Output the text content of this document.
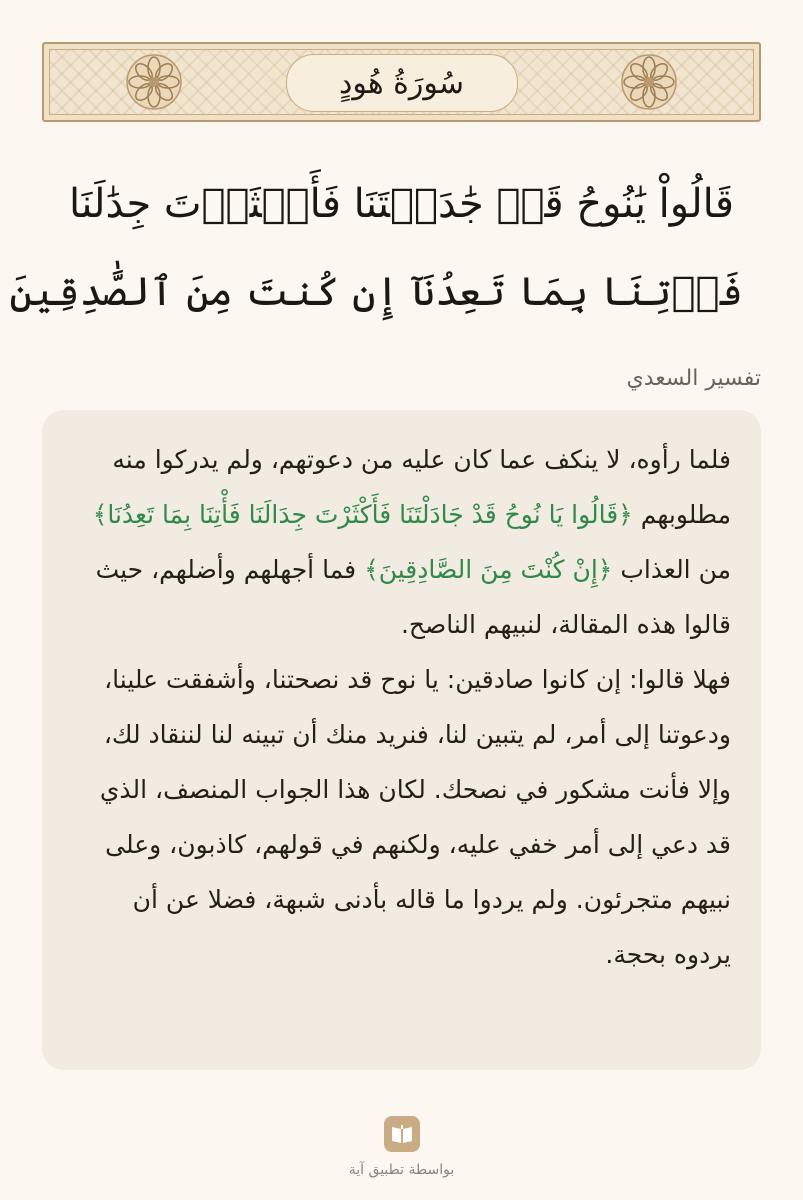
سُورَةُ هُودٍ
قَالُواْ يَٰنُوحُ قَدۡ جَٰدَلۡتَنَا فَأَكۡثَرۡتَ جِدَٰلَنَا
فَأۡتِنَا بِمَا تَعِدُنَآ إِن كُنتَ مِنَ ٱلصَّٰدِقِينَ
تفسير السعدي

فلما رأوه، لا ينكف عما كان عليه من دعوتهم، ولم يدركوا منه مطلوبهم ﴿قَالُوا يَا نُوحُ قَدْ جَادَلْتَنَا فَأَكْثَرْتَ جِدَالَنَا فَأْتِنَا بِمَا تَعِدُنَا﴾ من العذاب ﴿إِنْ كُنْتَ مِنَ الصَّادِقِينَ﴾ فما أجهلهم وأضلهم، حيث قالوا هذه المقالة، لنبيهم الناصح.

فهلا قالوا: إن كانوا صادقين: يا نوح قد نصحتنا، وأشفقت علينا، ودعوتنا إلى أمر، لم يتبين لنا، فنريد منك أن تبينه لنا لننقاد لك، وإلا فأنت مشكور في نصحك. لكان هذا الجواب المنصف، الذي قد دعي إلى أمر خفي عليه، ولكنهم في قولهم، كاذبون، وعلى نبيهم متجرئون. ولم يردوا ما قاله بأدنى شبهة، فضلا عن أن يردوه بحجة.

بواسطة تطبيق آية
